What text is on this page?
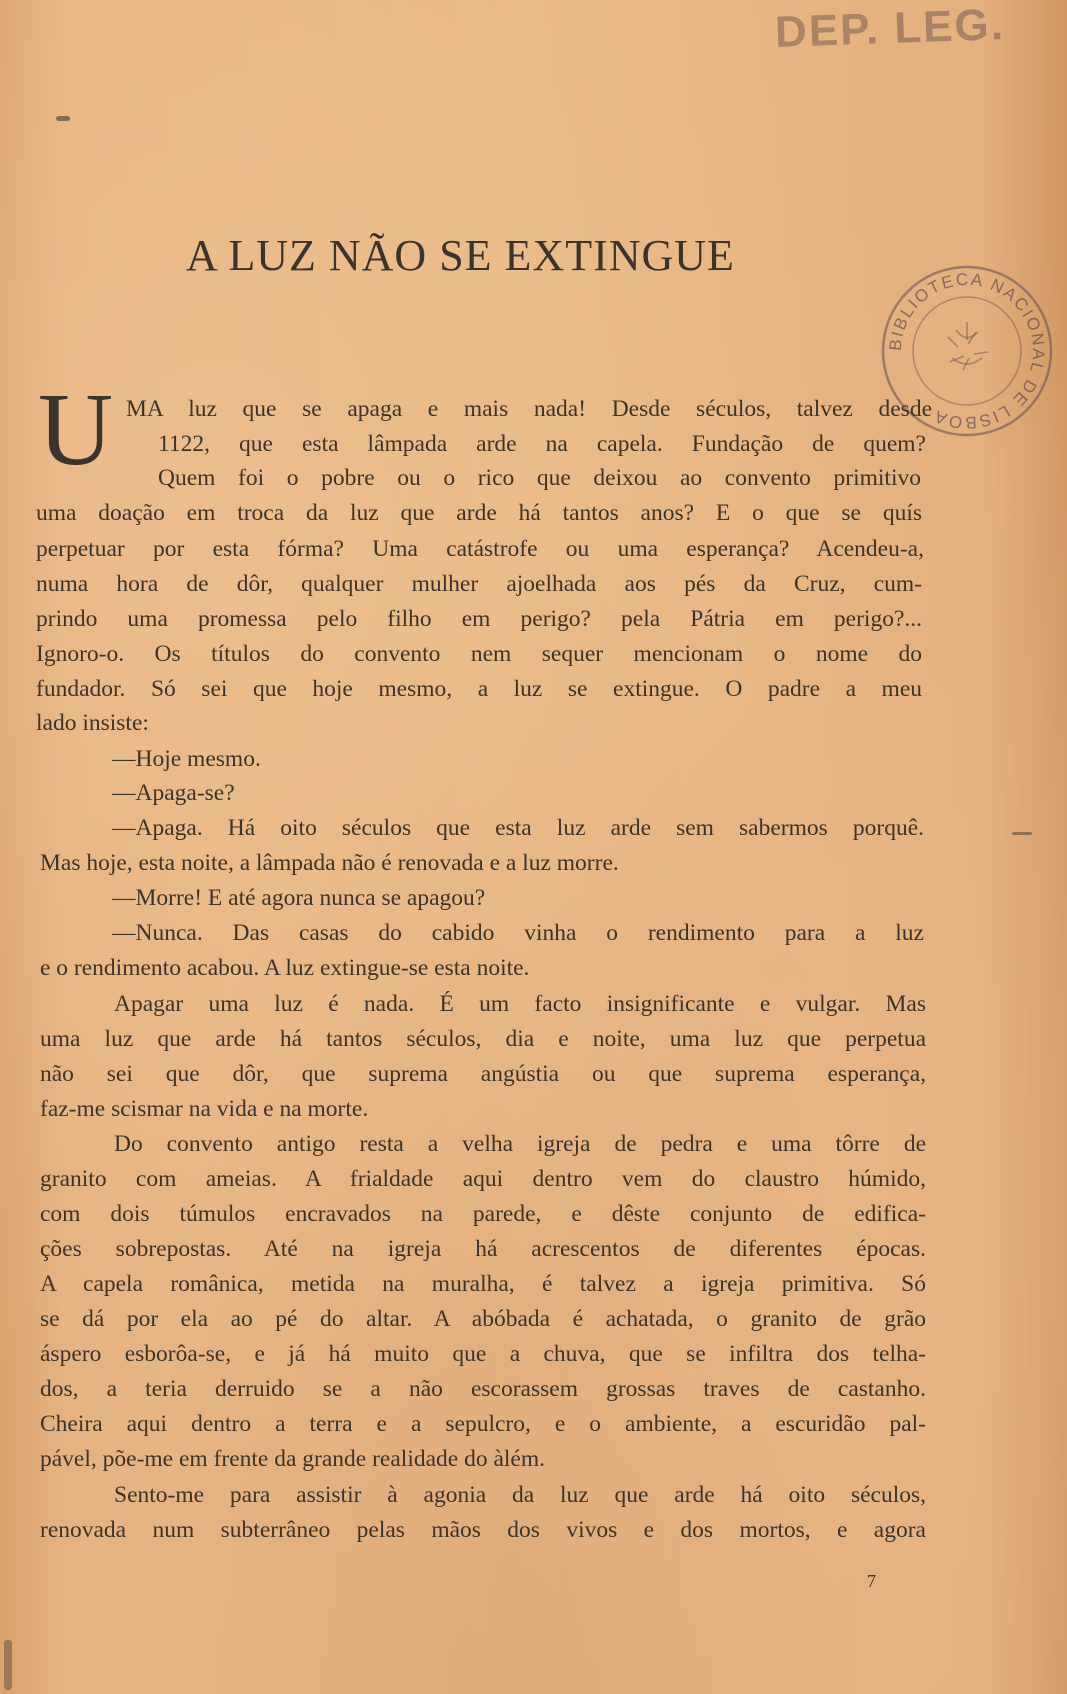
DEP. LEG.
BIBLIOTECA NACIONAL DE LISBOA
A LUZ NÃO SE EXTINGUE
U MA luz que se apaga e mais nada! Desde séculos, talvez desde
1122, que esta lâmpada arde na capela. Fundação de quem?
Quem foi o pobre ou o rico que deixou ao convento primitivo
uma doação em troca da luz que arde há tantos anos? E o que se quís
perpetuar por esta fórma? Uma catástrofe ou uma esperança? Acendeu-a,
numa hora de dôr, qualquer mulher ajoelhada aos pés da Cruz, cum-
prindo uma promessa pelo filho em perigo? pela Pátria em perigo?...
Ignoro-o. Os títulos do convento nem sequer mencionam o nome do
fundador. Só sei que hoje mesmo, a luz se extingue. O padre a meu
lado insiste:
—Hoje mesmo.
—Apaga-se?
—Apaga. Há oito séculos que esta luz arde sem sabermos porquê.
Mas hoje, esta noite, a lâmpada não é renovada e a luz morre.
—Morre! E até agora nunca se apagou?
—Nunca. Das casas do cabido vinha o rendimento para a luz
e o rendimento acabou. A luz extingue-se esta noite.
Apagar uma luz é nada. É um facto insignificante e vulgar. Mas
uma luz que arde há tantos séculos, dia e noite, uma luz que perpetua
não sei que dôr, que suprema angústia ou que suprema esperança,
faz-me scismar na vida e na morte.
Do convento antigo resta a velha igreja de pedra e uma tôrre de
granito com ameias. A frialdade aqui dentro vem do claustro húmido,
com dois túmulos encravados na parede, e dêste conjunto de edifica-
ções sobrepostas. Até na igreja há acrescentos de diferentes épocas.
A capela românica, metida na muralha, é talvez a igreja primitiva. Só
se dá por ela ao pé do altar. A abóbada é achatada, o granito de grão
áspero esborôa-se, e já há muito que a chuva, que se infiltra dos telha-
dos, a teria derruido se a não escorassem grossas traves de castanho.
Cheira aqui dentro a terra e a sepulcro, e o ambiente, a escuridão pal-
pável, põe-me em frente da grande realidade do àlém.
Sento-me para assistir à agonia da luz que arde há oito séculos,
renovada num subterrâneo pelas mãos dos vivos e dos mortos, e agora
7
